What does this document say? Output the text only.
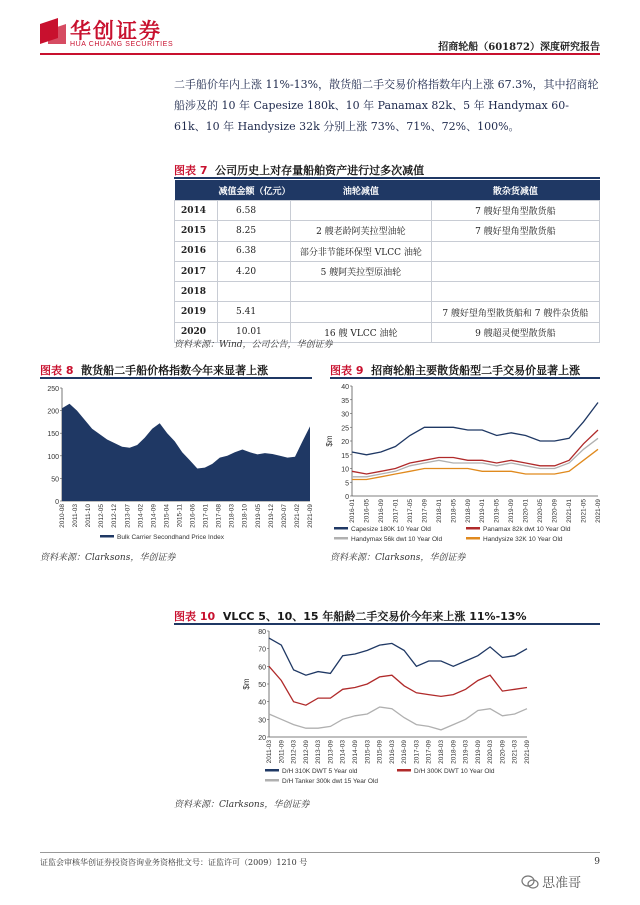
华创证券
HUA CHUANG SECURITIES	招商轮船（601872）深度研究报告
二手船价年内上涨 11%-13%，散货船二手交易价格指数年内上涨 67.3%，其中招商轮船涉及的 10 年 Capesize 180k、10 年 Panamax 82k、5 年 Handymax 60-61k、10 年 Handysize 32k 分别上涨 73%、71%、72%、100%。
图表 7 公司历史上对存量船舶资产进行过多次减值
	减值金额（亿元）	油轮减值	散杂货减值
2014	6.58		7 艘好望角型散货船
2015	8.25	2 艘老龄阿芙拉型油轮	7 艘好望角型散货船
2016	6.38	部分非节能环保型 VLCC 油轮	
2017	4.20	5 艘阿芙拉型原油轮	
2018			
2019	5.41		7 艘好望角型散货船和 7 艘件杂货船
2020	10.01	16 艘 VLCC 油轮	9 艘超灵便型散货船
资料来源：Wind，公司公告，华创证券
图表 8 散货船二手船价格指数今年来显著上涨
0
50
100
150
200
250
2010-08 2011-03 2011-10 2012-05 2012-12 2013-07 2014-02 2014-09 2015-04 2015-11 2016-06 2017-01 2017-08 2018-03 2018-10 2019-05 2019-12 2020-07 2021-02 2021-09
Bulk Carrier Secondhand Price Index
资料来源：Clarksons，华创证券
图表 9 招商轮船主要散货船型二手交易价显著上涨
0
5
10
15
20
25
30
35
40
2016-01 2016-05 2016-09 2017-01 2017-05 2017-09 2018-01 2018-05 2018-09 2019-01 2019-05 2019-09 2020-01 2020-05 2020-09 2021-01 2021-05 2021-09
$m
Capesize 180K 10 Year Old	Panamax 82k dwt 10 Year Old
Handymax 56k dwt 10 Year Old	Handysize 32K 10 Year Old
资料来源：Clarksons，华创证券
图表 10 VLCC 5、10、15 年船龄二手交易价今年来上涨 11%-13%
20
30
40
50
60
70
80
2011-03 2011-09 2012-03 2012-09 2013-03 2013-09 2014-03 2014-09 2015-03 2015-09 2016-03 2016-09 2017-03 2017-09 2018-03 2018-09 2019-03 2019-09 2020-03 2020-09 2021-03 2021-09
$m
D/H 310K DWT 5 Year old	D/H 300K DWT 10 Year Old
D/H Tanker 300k dwt 15 Year Old
资料来源：Clarksons，华创证券
证监会审核华创证券投资咨询业务资格批文号：证监许可（2009）1210 号	9
思准哥
